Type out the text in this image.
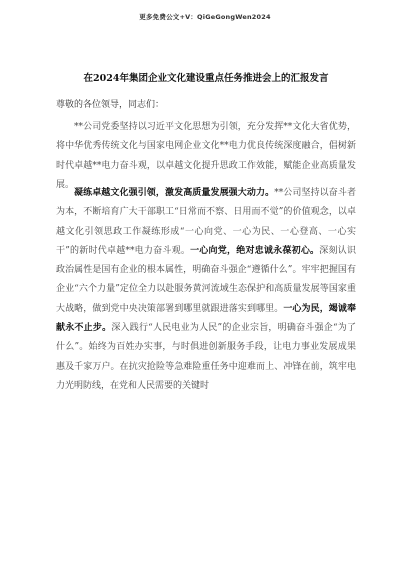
更多免费公文+V：QiGeGongWen2024
在2024年集团企业文化建设重点任务推进会上的汇报发言
尊敬的各位领导，同志们：
**公司党委坚持以习近平文化思想为引领，充分发挥**文化大省优势，将中华优秀传统文化与国家电网企业文化**电力优良传统深度融合，倡树新时代卓越**电力奋斗观，以卓越文化提升思政工作效能，赋能企业高质量发展。
凝练卓越文化强引领，激发高质量发展强大动力。**公司坚持以奋斗者为本，不断培育广大干部职工“日常而不察、日用而不觉”的价值观念，以卓越文化引领思政工作凝练形成“一心向党、一心为民、一心登高、一心实干”的新时代卓越**电力奋斗观。一心向党，绝对忠诚永葆初心。深刻认识政治属性是国有企业的根本属性，明确奋斗强企“遵循什么”。牢牢把握国有企业“六个力量”定位全力以赴服务黄河流域生态保护和高质量发展等国家重大战略，做到党中央决策部署到哪里就跟进落实到哪里。一心为民，竭诚奉献永不止步。深入践行“人民电业为人民”的企业宗旨，明确奋斗强企“为了什么”。始终为百姓办实事，与时俱进创新服务手段，让电力事业发展成果惠及千家万户。在抗灾抢险等急难险重任务中迎难而上、冲锋在前，筑牢电力光明防线，在党和人民需要的关键时
